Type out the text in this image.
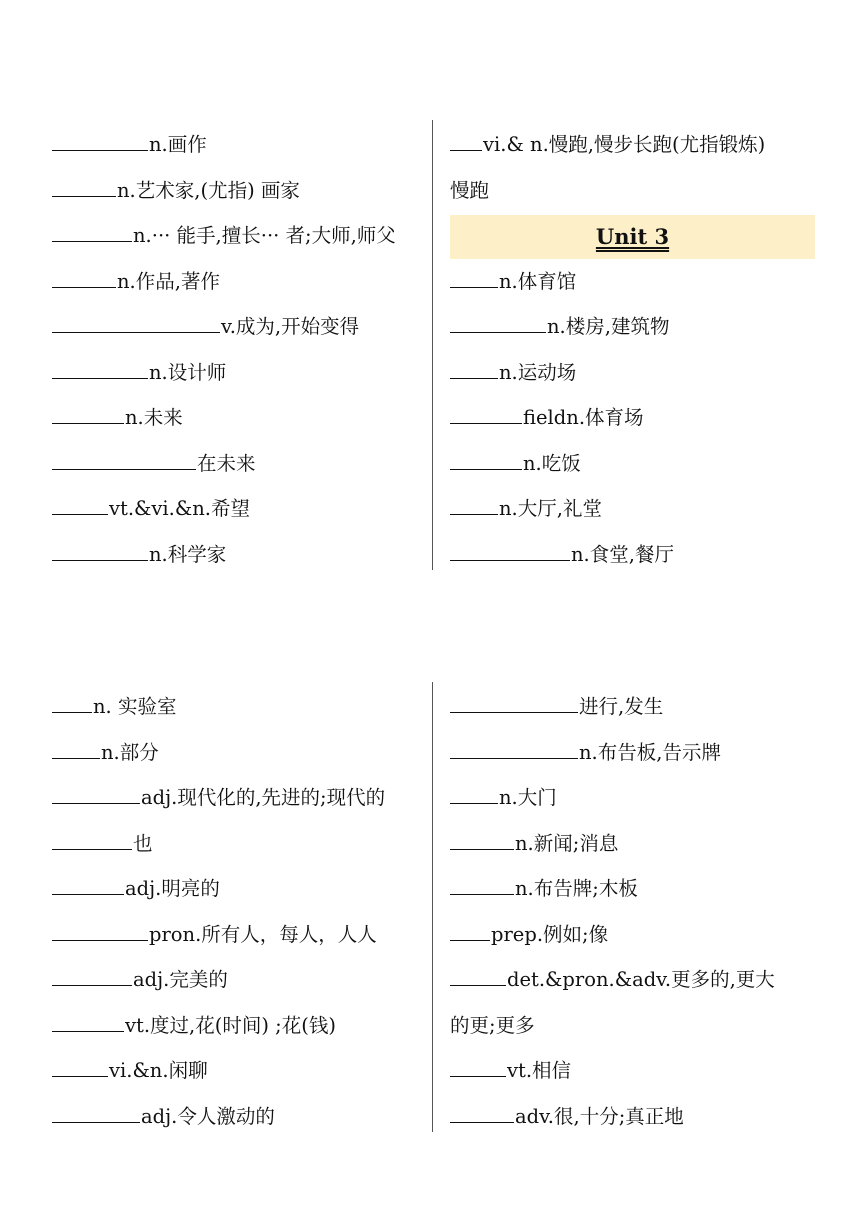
n.画作
n.艺术家,(尤指) 画家
n.··· 能手,擅长··· 者;大师,师父
n.作品,著作
v.成为,开始变得
n.设计师
n.未来
在未来
vt.&vi.&n.希望
n.科学家
vi.& n.慢跑,慢步长跑(尤指锻炼)
慢跑
Unit 3
n.体育馆
n.楼房,建筑物
n.运动场
fieldn.体育场
n.吃饭
n.大厅,礼堂
n.食堂,餐厅
n. 实验室
n.部分
adj.现代化的,先进的;现代的
也
adj.明亮的
pron.所有人，每人，人人
adj.完美的
vt.度过,花(时间) ;花(钱)
vi.&n.闲聊
adj.令人激动的
进行,发生
n.布告板,告示牌
n.大门
n.新闻;消息
n.布告牌;木板
prep.例如;像
det.&pron.&adv.更多的,更大
的更;更多
vt.相信
adv.很,十分;真正地
